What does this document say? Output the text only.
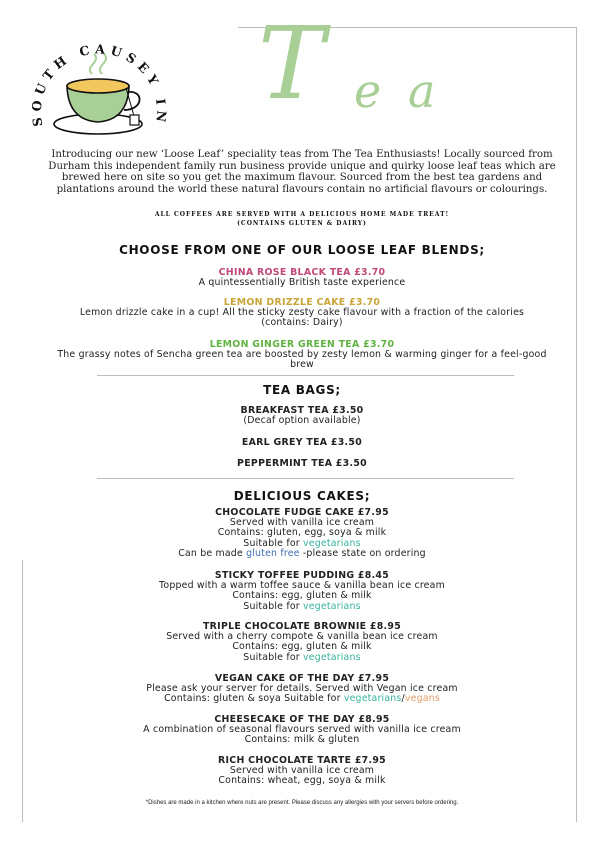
SOUTH CAUSEY IN T e a
Introducing our new ‘Loose Leaf’ speciality teas from The Tea Enthusiasts! Locally sourced from Durham this independent family run business provide unique and quirky loose leaf teas which are brewed here on site so you get the maximum flavour. Sourced from the best tea gardens and plantations around the world these natural flavours contain no artificial flavours or colourings.
ALL COFFEES ARE SERVED WITH A DELICIOUS HOME MADE TREAT!
(CONTAINS GLUTEN & DAIRY)
CHOOSE FROM ONE OF OUR LOOSE LEAF BLENDS;
CHINA ROSE BLACK TEA £3.70
A quintessentially British taste experience
LEMON DRIZZLE CAKE £3.70
Lemon drizzle cake in a cup! All the sticky zesty cake flavour with a fraction of the calories (contains: Dairy)
LEMON GINGER GREEN TEA £3.70
The grassy notes of Sencha green tea are boosted by zesty lemon & warming ginger for a feel-good brew
TEA BAGS;
BREAKFAST TEA £3.50
(Decaf option available)
EARL GREY TEA £3.50
PEPPERMINT TEA £3.50
DELICIOUS CAKES;
CHOCOLATE FUDGE CAKE £7.95
Served with vanilla ice cream
Contains: gluten, egg, soya & milk
Suitable for vegetarians
Can be made gluten free -please state on ordering
STICKY TOFFEE PUDDING £8.45
Topped with a warm toffee sauce & vanilla bean ice cream
Contains: egg, gluten & milk
Suitable for vegetarians
TRIPLE CHOCOLATE BROWNIE £8.95
Served with a cherry compote & vanilla bean ice cream
Contains: egg, gluten & milk
Suitable for vegetarians
VEGAN CAKE OF THE DAY £7.95
Please ask your server for details. Served with Vegan ice cream
Contains: gluten & soya Suitable for vegetarians/vegans
CHEESECAKE OF THE DAY £8.95
A combination of seasonal flavours served with vanilla ice cream
Contains: milk & gluten
RICH CHOCOLATE TARTE £7.95
Served with vanilla ice cream
Contains: wheat, egg, soya & milk
*Dishes are made in a kitchen where nuts are present. Please discuss any allergies with your servers before ordering.
